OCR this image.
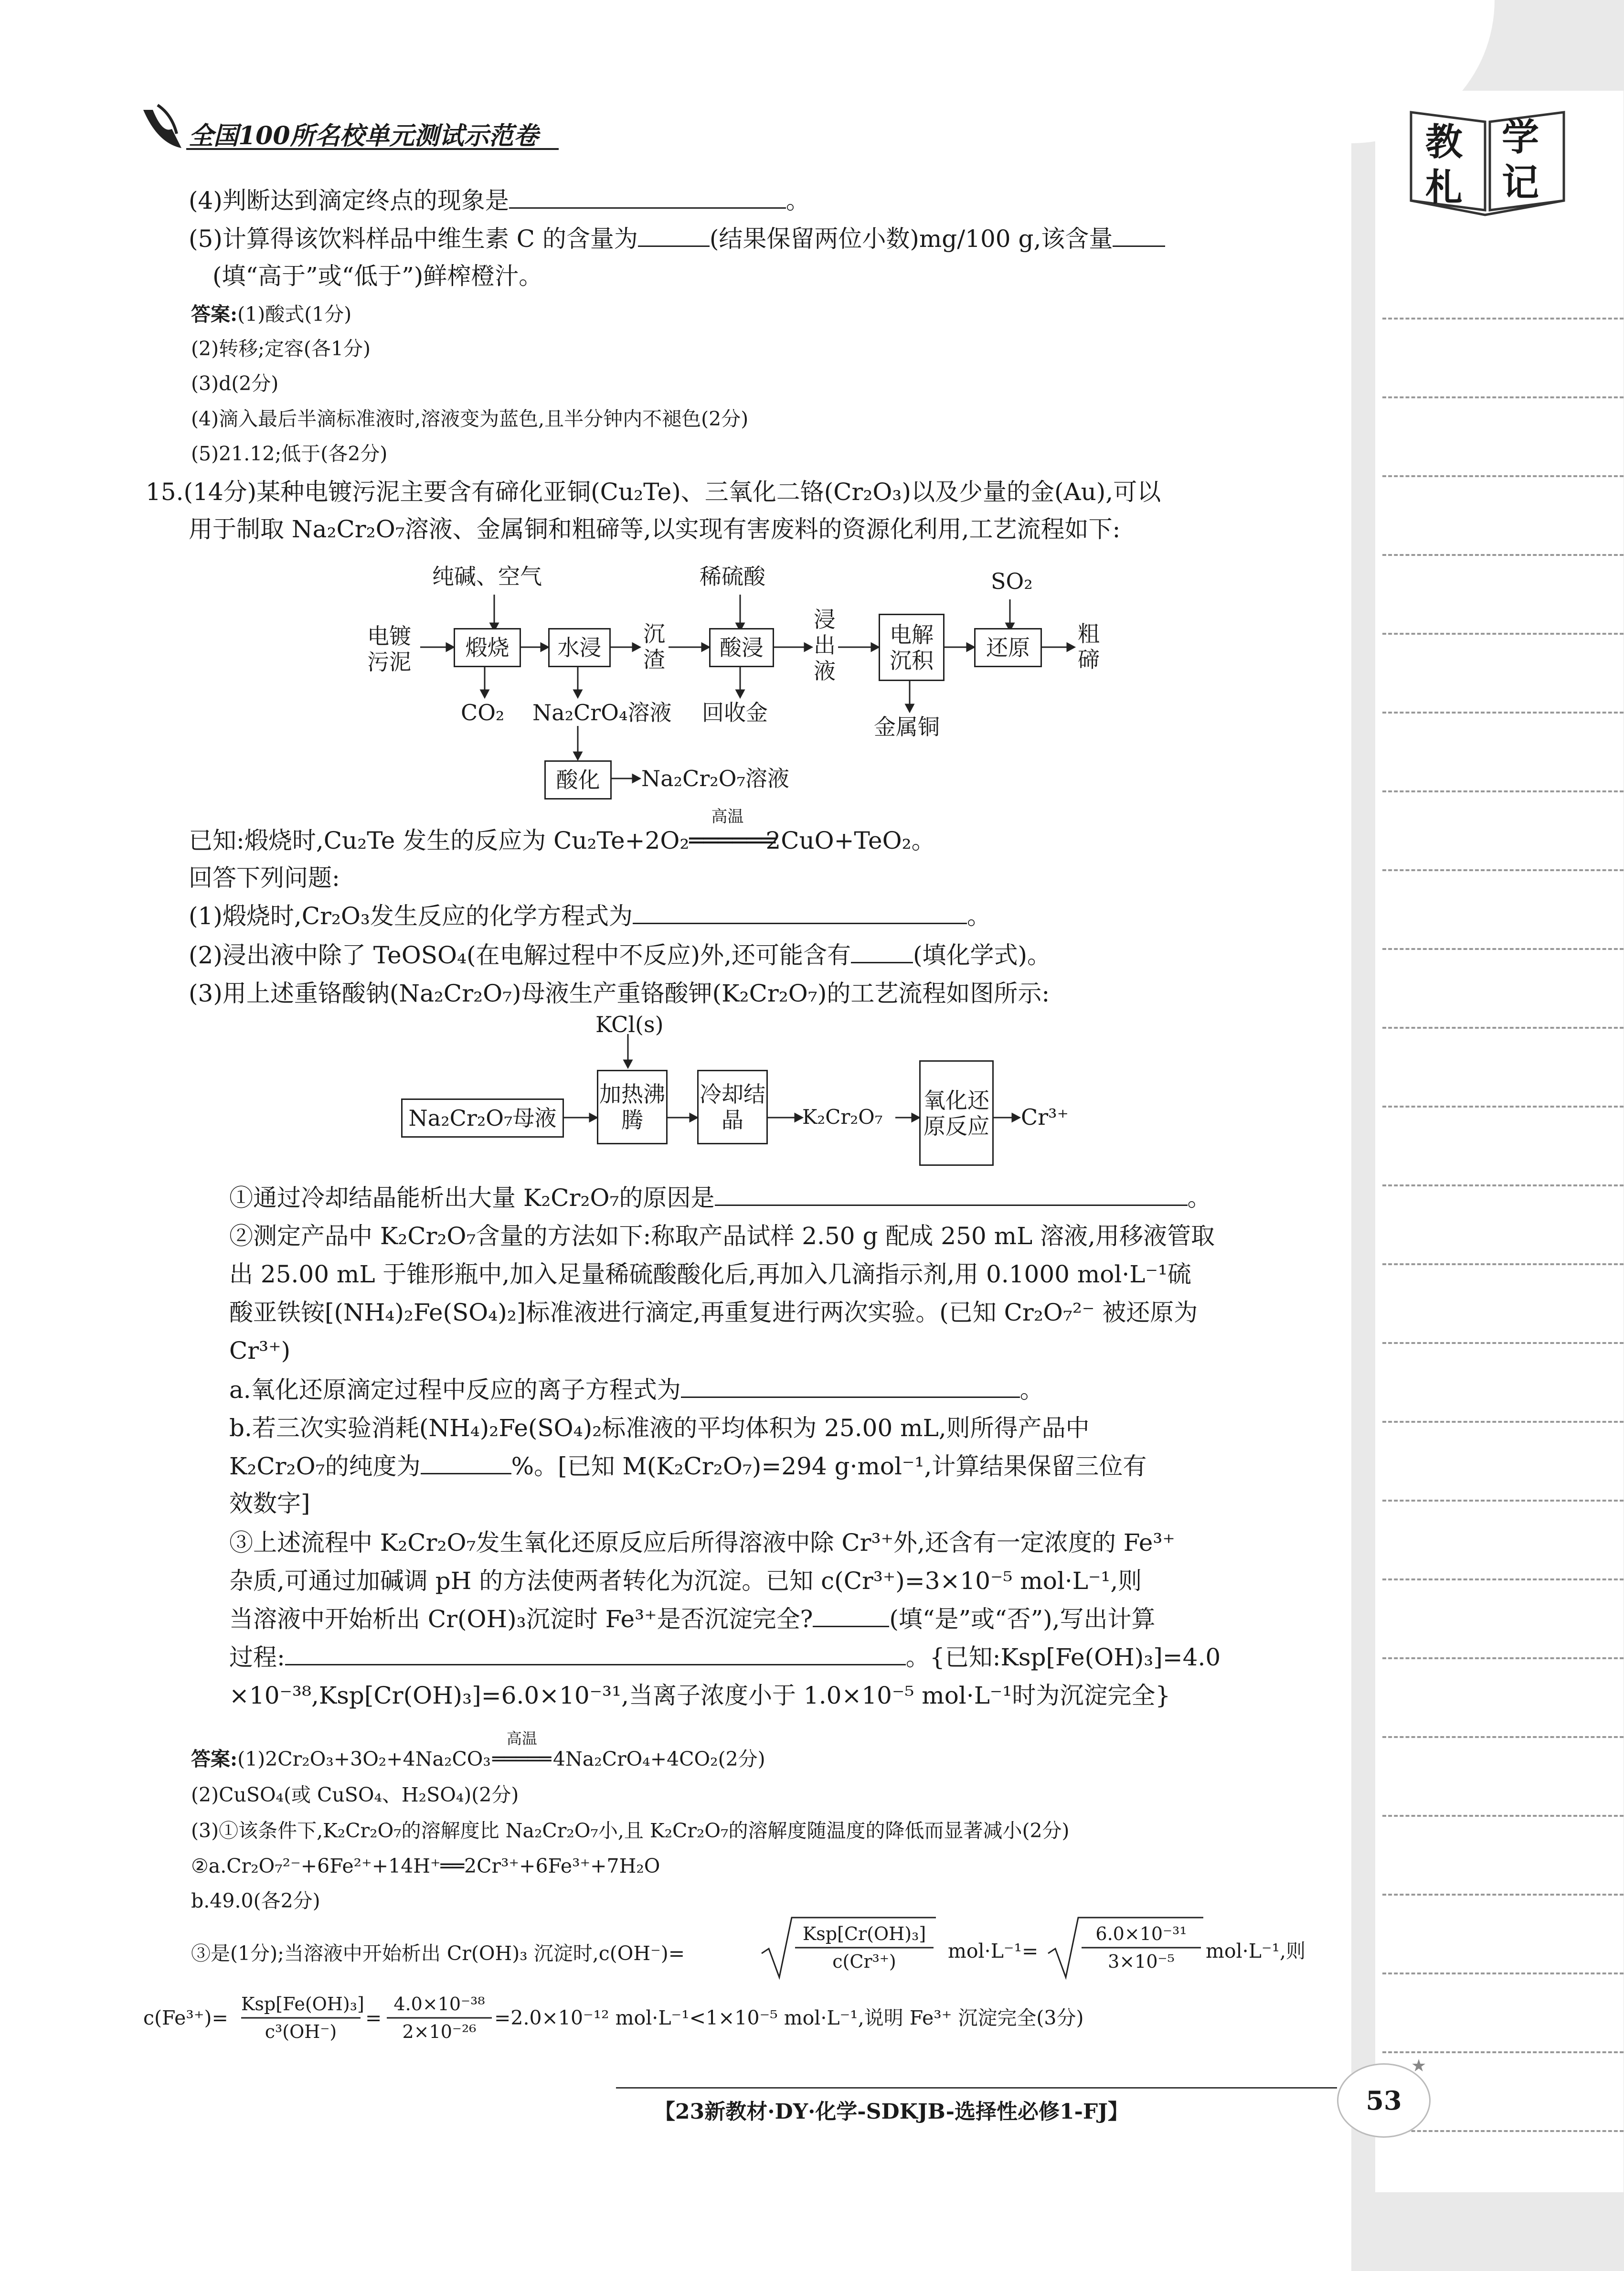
教 学
札 记
全国100所名校单元测试示范卷
(4)判断达到滴定终点的现象是	。
(5)计算得该饮料样品中维生素 C 的含量为	(结果保留两位小数)mg/100 g,该含量
(填“高于”或“低于”)鲜榨橙汁。
答案:(1)酸式(1分)
(2)转移;定容(各1分)
(3)d(2分)
(4)滴入最后半滴标准液时,溶液变为蓝色,且半分钟内不褪色(2分)
(5)21.12;低于(各2分)
15.(14分)某种电镀污泥主要含有碲化亚铜(Cu₂Te)、三氧化二铬(Cr₂O₃)以及少量的金(Au),可以
用于制取 Na₂Cr₂O₇溶液、金属铜和粗碲等,以实现有害废料的资源化利用,工艺流程如下:
纯碱、空气	稀硫酸	SO₂
电镀污泥
煅烧	水浸
沉渣	酸浸
浸出液
电解沉积	还原
粗碲
CO₂ Na₂CrO₄溶液 回收金
金属铜
酸化	Na₂Cr₂O₇溶液
已知:煅烧时,Cu₂Te 发生的反应为 Cu₂Te+2O₂
高温
══════2CuO+TeO₂。
回答下列问题:
(1)煅烧时,Cr₂O₃发生反应的化学方程式为	。
(2)浸出液中除了 TeOSO₄(在电解过程中不反应)外,还可能含有	(填化学式)。
(3)用上述重铬酸钠(Na₂Cr₂O₇)母液生产重铬酸钾(K₂Cr₂O₇)的工艺流程如图所示:
KCl(s)
Na₂Cr₂O₇母液
加热沸腾
冷却结晶	K₂Cr₂O₇
氧化还原反应 Cr³⁺
①通过冷却结晶能析出大量 K₂Cr₂O₇的原因是	。
②测定产品中 K₂Cr₂O₇含量的方法如下:称取产品试样 2.50 g 配成 250 mL 溶液,用移液管取
出 25.00 mL 于锥形瓶中,加入足量稀硫酸酸化后,再加入几滴指示剂,用 0.1000 mol·L⁻¹硫
酸亚铁铵[(NH₄)₂Fe(SO₄)₂]标准液进行滴定,再重复进行两次实验。(已知 Cr₂O₇²⁻ 被还原为
Cr³⁺)
a.氧化还原滴定过程中反应的离子方程式为	。
b.若三次实验消耗(NH₄)₂Fe(SO₄)₂标准液的平均体积为 25.00 mL,则所得产品中
K₂Cr₂O₇的纯度为	%。[已知 M(K₂Cr₂O₇)=294 g·mol⁻¹,计算结果保留三位有
效数字]
③上述流程中 K₂Cr₂O₇发生氧化还原反应后所得溶液中除 Cr³⁺外,还含有一定浓度的 Fe³⁺
杂质,可通过加碱调 pH 的方法使两者转化为沉淀。已知 c(Cr³⁺)=3×10⁻⁵ mol·L⁻¹,则
当溶液中开始析出 Cr(OH)₃沉淀时 Fe³⁺是否沉淀完全?	(填“是”或“否”),写出计算
过程:	。{已知:Ksp[Fe(OH)₃]=4.0
×10⁻³⁸,Ksp[Cr(OH)₃]=6.0×10⁻³¹,当离子浓度小于 1.0×10⁻⁵ mol·L⁻¹时为沉淀完全}
答案:(1)2Cr₂O₃+3O₂+4Na₂CO₃
高温
═════4Na₂CrO₄+4CO₂(2分)
(2)CuSO₄(或 CuSO₄、H₂SO₄)(2分)
(3)①该条件下,K₂Cr₂O₇的溶解度比 Na₂Cr₂O₇小,且 K₂Cr₂O₇的溶解度随温度的降低而显著减小(2分)
②a.Cr₂O₇²⁻+6Fe²⁺+14H⁺══2Cr³⁺+6Fe³⁺+7H₂O
b.49.0(各2分)
③是(1分);当溶液中开始析出 Cr(OH)₃ 沉淀时,c(OH⁻)=
Ksp[Cr(OH)₃]
c(Cr³⁺)	mol·L⁻¹=
6.0×10⁻³¹
3×10⁻⁵	mol·L⁻¹,则
c(Fe³⁺)=
Ksp[Fe(OH)₃]
c³(OH⁻)
=
4.0×10⁻³⁸
2×10⁻²⁶
=2.0×10⁻¹² mol·L⁻¹<1×10⁻⁵ mol·L⁻¹,说明 Fe³⁺ 沉淀完全(3分)
【23新教材·DY·化学-SDKJB-选择性必修1-FJ】	53
★
